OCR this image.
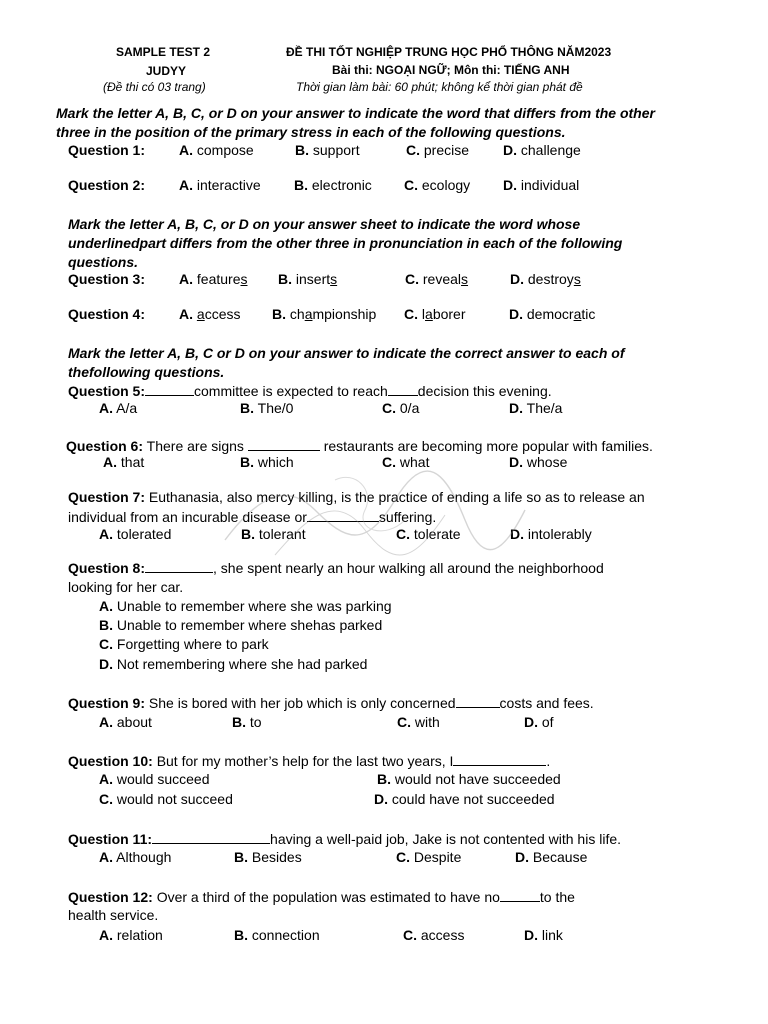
SAMPLE TEST 2
JUDYY
(Đề thi có 03 trang)
ĐỀ THI TỐT NGHIỆP TRUNG HỌC PHỔ THÔNG NĂM2023
Bài thi: NGOẠI NGỮ; Môn thi: TIẾNG ANH
Thời gian làm bài: 60 phút; không kể thời gian phát đề
Mark the letter A, B, C, or D on your answer to indicate the word that differs from the other three in the position of the primary stress in each of the following questions.
Question 1: A. compose	B. support	C. precise D. challenge
Question 2: A. interactive B. electronic C. ecology D. individual
Mark the letter A, B, C, or D on your answer sheet to indicate the word whose underlinedpart differs from the other three in pronunciation in each of the following questions.
Question 3: A. features B. inserts	C. reveals	D. destroys
Question 4: A. access B. championship C. laborer	D. democratic
Mark the letter A, B, C or D on your answer to indicate the correct answer to each of thefollowing questions.
Question 5:	committee is expected to reach decision this evening.
A. A/a	B. The/0	C. 0/a	D. The/a
Question 6: There are signs	restaurants are becoming more popular with families.
A. that	B. which	C. what	D. whose
Question 7: Euthanasia, also mercy killing, is the practice of ending a life so as to release an
individual from an incurable disease or	suffering.
A. tolerated	B. tolerant	C. tolerate	D. intolerably
Question 8:	, she spent nearly an hour walking all around the neighborhood
looking for her car.
A. Unable to remember where she was parking
B. Unable to remember where shehas parked
C. Forgetting where to park
D. Not remembering where she had parked
Question 9: She is bored with her job which is only concerned	costs and fees.
A. about	B. to	C. with	D. of
Question 10: But for my mother’s help for the last two years, I	.
A. would succeed	B. would not have succeeded
C. would not succeed	D. could have not succeeded
Question 11:	having a well-paid job, Jake is not contented with his life.
A. Although	B. Besides	C. Despite	D. Because
Question 12: Over a third of the population was estimated to have no	to the
health service.
A. relation	B. connection	C. access	D. link
